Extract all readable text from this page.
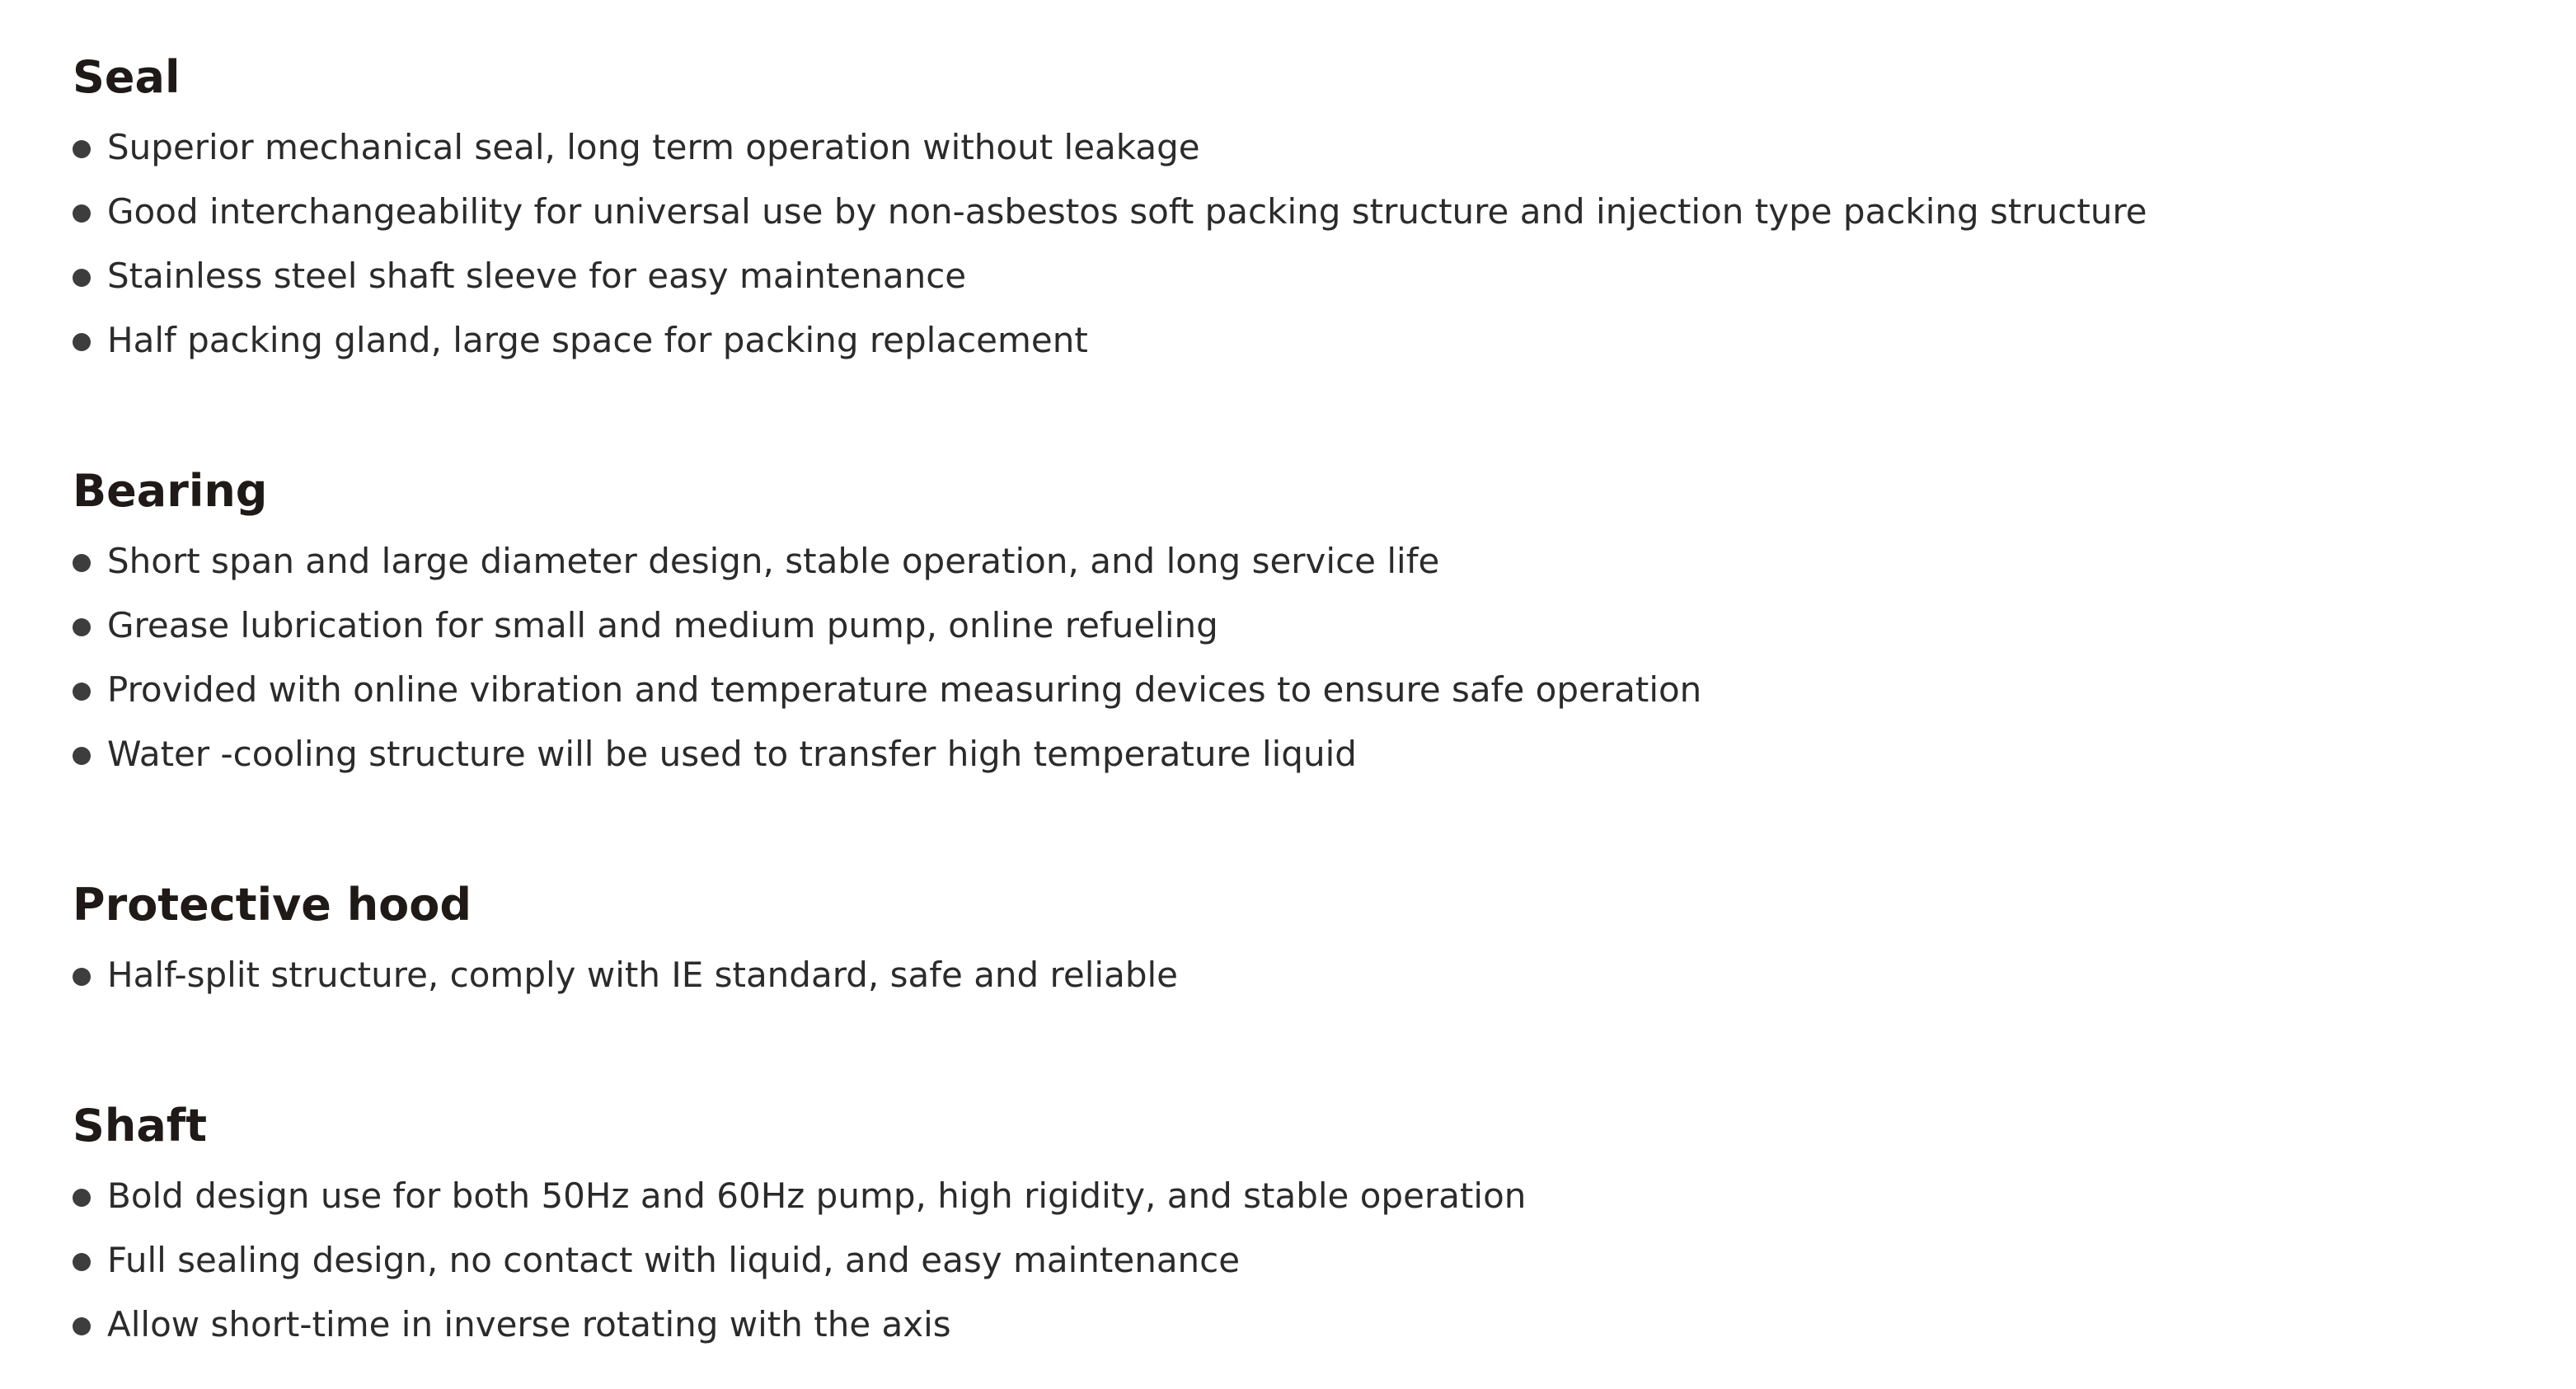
Seal
Superior mechanical seal, long term operation without leakage
Good interchangeability for universal use by non-asbestos soft packing structure and injection type packing structure
Stainless steel shaft sleeve for easy maintenance
Half packing gland, large space for packing replacement
Bearing
Short span and large diameter design, stable operation, and long service life
Grease lubrication for small and medium pump, online refueling
Provided with online vibration and temperature measuring devices to ensure safe operation
Water -cooling structure will be used to transfer high temperature liquid
Protective hood
Half-split structure, comply with IE standard, safe and reliable
Shaft
Bold design use for both 50Hz and 60Hz pump, high rigidity, and stable operation
Full sealing design, no contact with liquid, and easy maintenance
Allow short-time in inverse rotating with the axis
